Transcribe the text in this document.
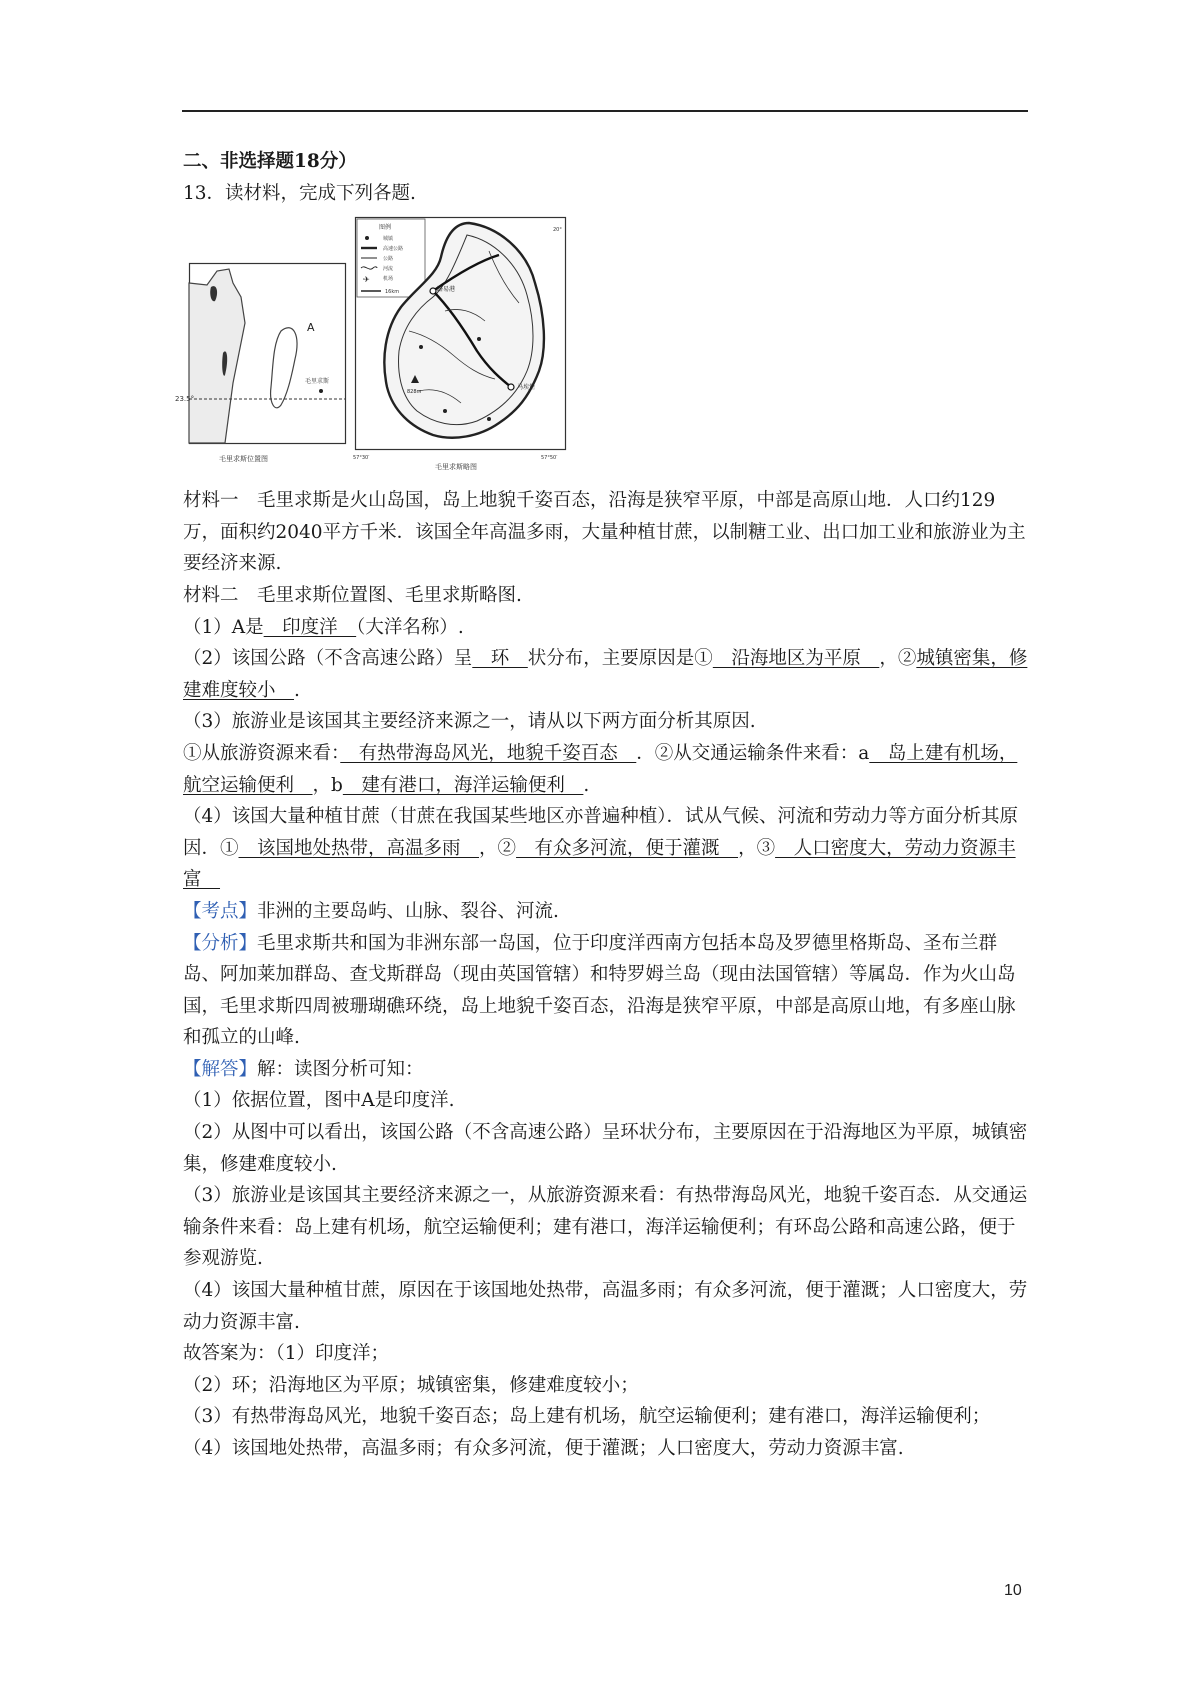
二、非选择题18分）

13．读材料，完成下列各题.

A
毛里求斯
23.5°
毛里求斯位置图
图例
城镇
高速公路
公路
河流
✈	机场
16km	路易港
马埃堡
828m
20°
57°30′	57°50′
毛里求斯略图

材料一　毛里求斯是火山岛国，岛上地貌千姿百态，沿海是狭窄平原，中部是高原山地．人口约129万，面积约2040平方千米．该国全年高温多雨，大量种植甘蔗，以制糖工业、出口加工业和旅游业为主要经济来源.

材料二　毛里求斯位置图、毛里求斯略图.

（1）A是　印度洋　（大洋名称）.

（2）该国公路（不含高速公路）呈　环　状分布，主要原因是①　沿海地区为平原　，②城镇密集，修建难度较小　.

（3）旅游业是该国其主要经济来源之一，请从以下两方面分析其原因.

①从旅游资源来看：　有热带海岛风光，地貌千姿百态　．②从交通运输条件来看：a　岛上建有机场，航空运输便利　，b　建有港口，海洋运输便利　.

（4）该国大量种植甘蔗（甘蔗在我国某些地区亦普遍种植）．试从气候、河流和劳动力等方面分析其原因．①　该国地处热带，高温多雨　，②　有众多河流，便于灌溉　，③　人口密度大，劳动力资源丰富　

【考点】非洲的主要岛屿、山脉、裂谷、河流.

【分析】毛里求斯共和国为非洲东部一岛国，位于印度洋西南方包括本岛及罗德里格斯岛、圣布兰群岛、阿加莱加群岛、查戈斯群岛（现由英国管辖）和特罗姆兰岛（现由法国管辖）等属岛．作为火山岛国，毛里求斯四周被珊瑚礁环绕，岛上地貌千姿百态，沿海是狭窄平原，中部是高原山地，有多座山脉和孤立的山峰.

【解答】解：读图分析可知：

（1）依据位置，图中A是印度洋.

（2）从图中可以看出，该国公路（不含高速公路）呈环状分布，主要原因在于沿海地区为平原，城镇密集，修建难度较小.

（3）旅游业是该国其主要经济来源之一，从旅游资源来看：有热带海岛风光，地貌千姿百态．从交通运输条件来看：岛上建有机场，航空运输便利；建有港口，海洋运输便利；有环岛公路和高速公路，便于参观游览.

（4）该国大量种植甘蔗，原因在于该国地处热带，高温多雨；有众多河流，便于灌溉；人口密度大，劳动力资源丰富.

故答案为：（1）印度洋；

（2）环；沿海地区为平原；城镇密集，修建难度较小；

（3）有热带海岛风光，地貌千姿百态；岛上建有机场，航空运输便利；建有港口，海洋运输便利；

（4）该国地处热带，高温多雨；有众多河流，便于灌溉；人口密度大，劳动力资源丰富.

10
